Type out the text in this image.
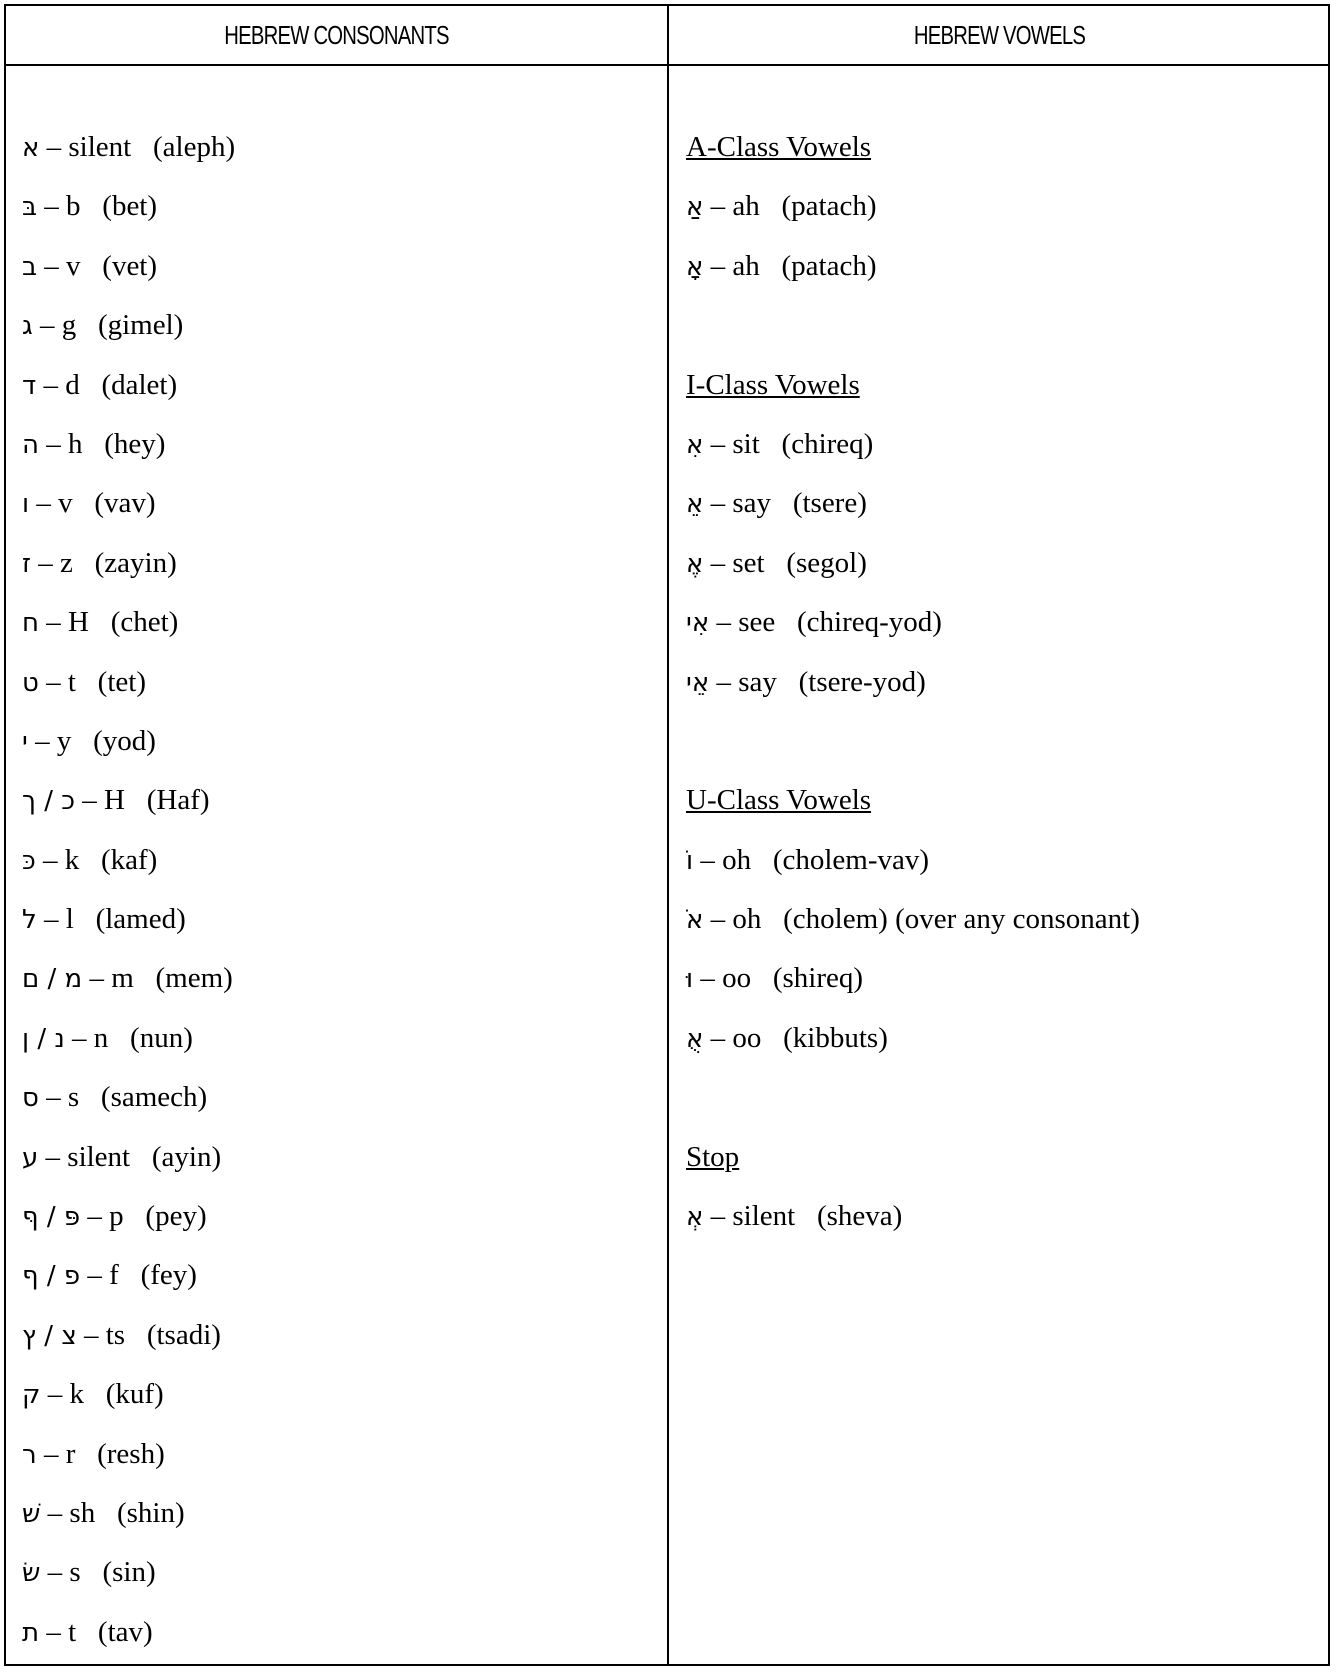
HEBREW CONSONANTS	HEBREW VOWELS
א – silent (aleph)
בּ – b (bet)
ב – v (vet)
ג – g (gimel)
ד – d (dalet)
ה – h (hey)
ו – v (vav)
ז – z (zayin)
ח – H (chet)
ט – t (tet)
י – y (yod)
כ / ך – H (Haf)
כּ – k (kaf)
ל – l (lamed)
מ / ם – m (mem)
נ / ן – n (nun)
ס – s (samech)
ע – silent (ayin)
פּ / ףּ – p (pey)
פ / ף – f (fey)
צ / ץ – ts (tsadi)
ק – k (kuf)
ר – r (resh)
שׁ – sh (shin)
שׂ – s (sin)
ת – t (tav)
A-Class Vowels
אַ – ah (patach)
אָ – ah (patach)
I-Class Vowels
אִ – sit (chireq)
אֵ – say (tsere)
אֶ – set (segol)
אִי – see (chireq-yod)
אֵי – say (tsere-yod)
U-Class Vowels
וֹ – oh (cholem-vav)
אֹ – oh (cholem) (over any consonant)
וּ – oo (shireq)
אֻ – oo (kibbuts)
Stop
אְ – silent (sheva)
